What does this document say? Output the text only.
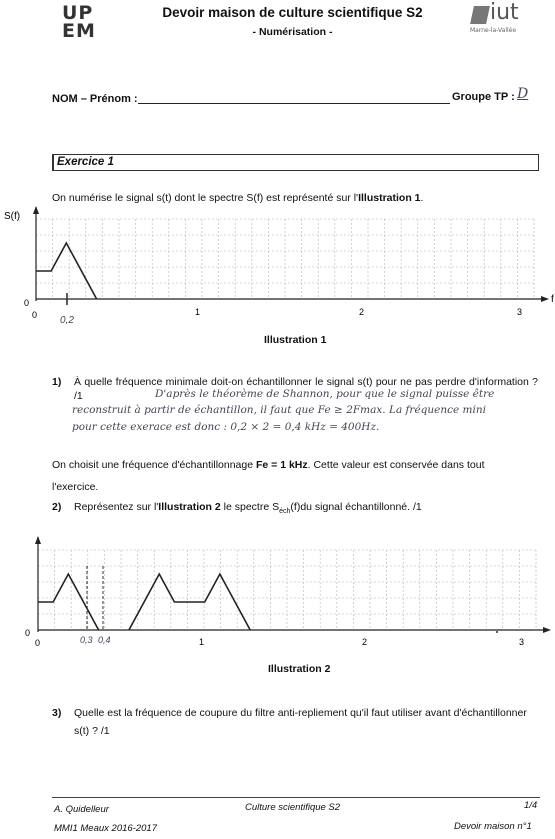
UP
EM
Devoir maison de culture scientifique S2
- Numérisation -
iut
Marne-la-Vallée
NOM – Prénom :	Groupe TP : D
Exercice 1
On numérise le signal s(t) dont le spectre S(f) est représenté sur l'Illustration 1.
S(f)
f
0
0	1	2	3
0,2
Illustration 1
1) À quelle fréquence minimale doit-on échantillonner le signal s(t) pour ne pas perdre d'information ? /1	D'après le théorème de Shannon, pour que le signal puisse être
reconstruit à partir de échantillon, il faut que Fe ≥ 2Fmax. La fréquence mini
pour cette exerace est donc : 0,2 × 2 = 0,4 kHz = 400Hz.
On choisit une fréquence d'échantillonnage Fe = 1 kHz. Cette valeur est conservée dans tout
l'exercice.
2) Représentez sur l'Illustration 2 le spectre $S_{éch}(f)du$ signal échantillonné. /1
0
0	1	2	3
0,3 0,4
Illustration 2
3) Quelle est la fréquence de coupure du filtre anti-repliement qu'il faut utiliser avant d'échantillonner
s(t) ? /1
A. Quidelleur	Culture scientifique S2	1/4
MMI1 Meaux 2016-2017	Devoir maison n°1
